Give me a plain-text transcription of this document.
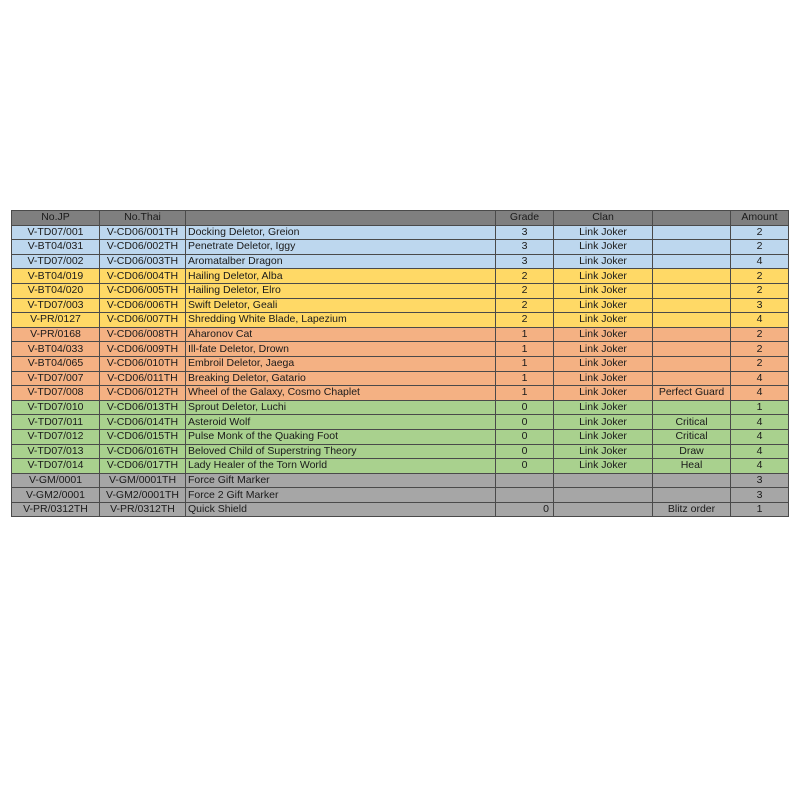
No.JP	No.Thai		Grade	Clan		Amount
V-TD07/001	V-CD06/001TH	Docking Deletor, Greion	3	Link Joker		2
V-BT04/031	V-CD06/002TH	Penetrate Deletor, Iggy	3	Link Joker		2
V-TD07/002	V-CD06/003TH	Aromatalber Dragon	3	Link Joker		4
V-BT04/019	V-CD06/004TH	Hailing Deletor, Alba	2	Link Joker		2
V-BT04/020	V-CD06/005TH	Hailing Deletor, Elro	2	Link Joker		2
V-TD07/003	V-CD06/006TH	Swift Deletor, Geali	2	Link Joker		3
V-PR/0127	V-CD06/007TH	Shredding White Blade, Lapezium	2	Link Joker		4
V-PR/0168	V-CD06/008TH	Aharonov Cat	1	Link Joker		2
V-BT04/033	V-CD06/009TH	Ill-fate Deletor, Drown	1	Link Joker		2
V-BT04/065	V-CD06/010TH	Embroil Deletor, Jaega	1	Link Joker		2
V-TD07/007	V-CD06/011TH	Breaking Deletor, Gatario	1	Link Joker		4
V-TD07/008	V-CD06/012TH	Wheel of the Galaxy, Cosmo Chaplet	1	Link Joker	Perfect Guard	4
V-TD07/010	V-CD06/013TH	Sprout Deletor, Luchi	0	Link Joker		1
V-TD07/011	V-CD06/014TH	Asteroid Wolf	0	Link Joker	Critical	4
V-TD07/012	V-CD06/015TH	Pulse Monk of the Quaking Foot	0	Link Joker	Critical	4
V-TD07/013	V-CD06/016TH	Beloved Child of Superstring Theory	0	Link Joker	Draw	4
V-TD07/014	V-CD06/017TH	Lady Healer of the Torn World	0	Link Joker	Heal	4
V-GM/0001	V-GM/0001TH	Force Gift Marker				3
V-GM2/0001	V-GM2/0001TH	Force 2 Gift Marker				3
V-PR/0312TH	V-PR/0312TH	Quick Shield	0		Blitz order	1
